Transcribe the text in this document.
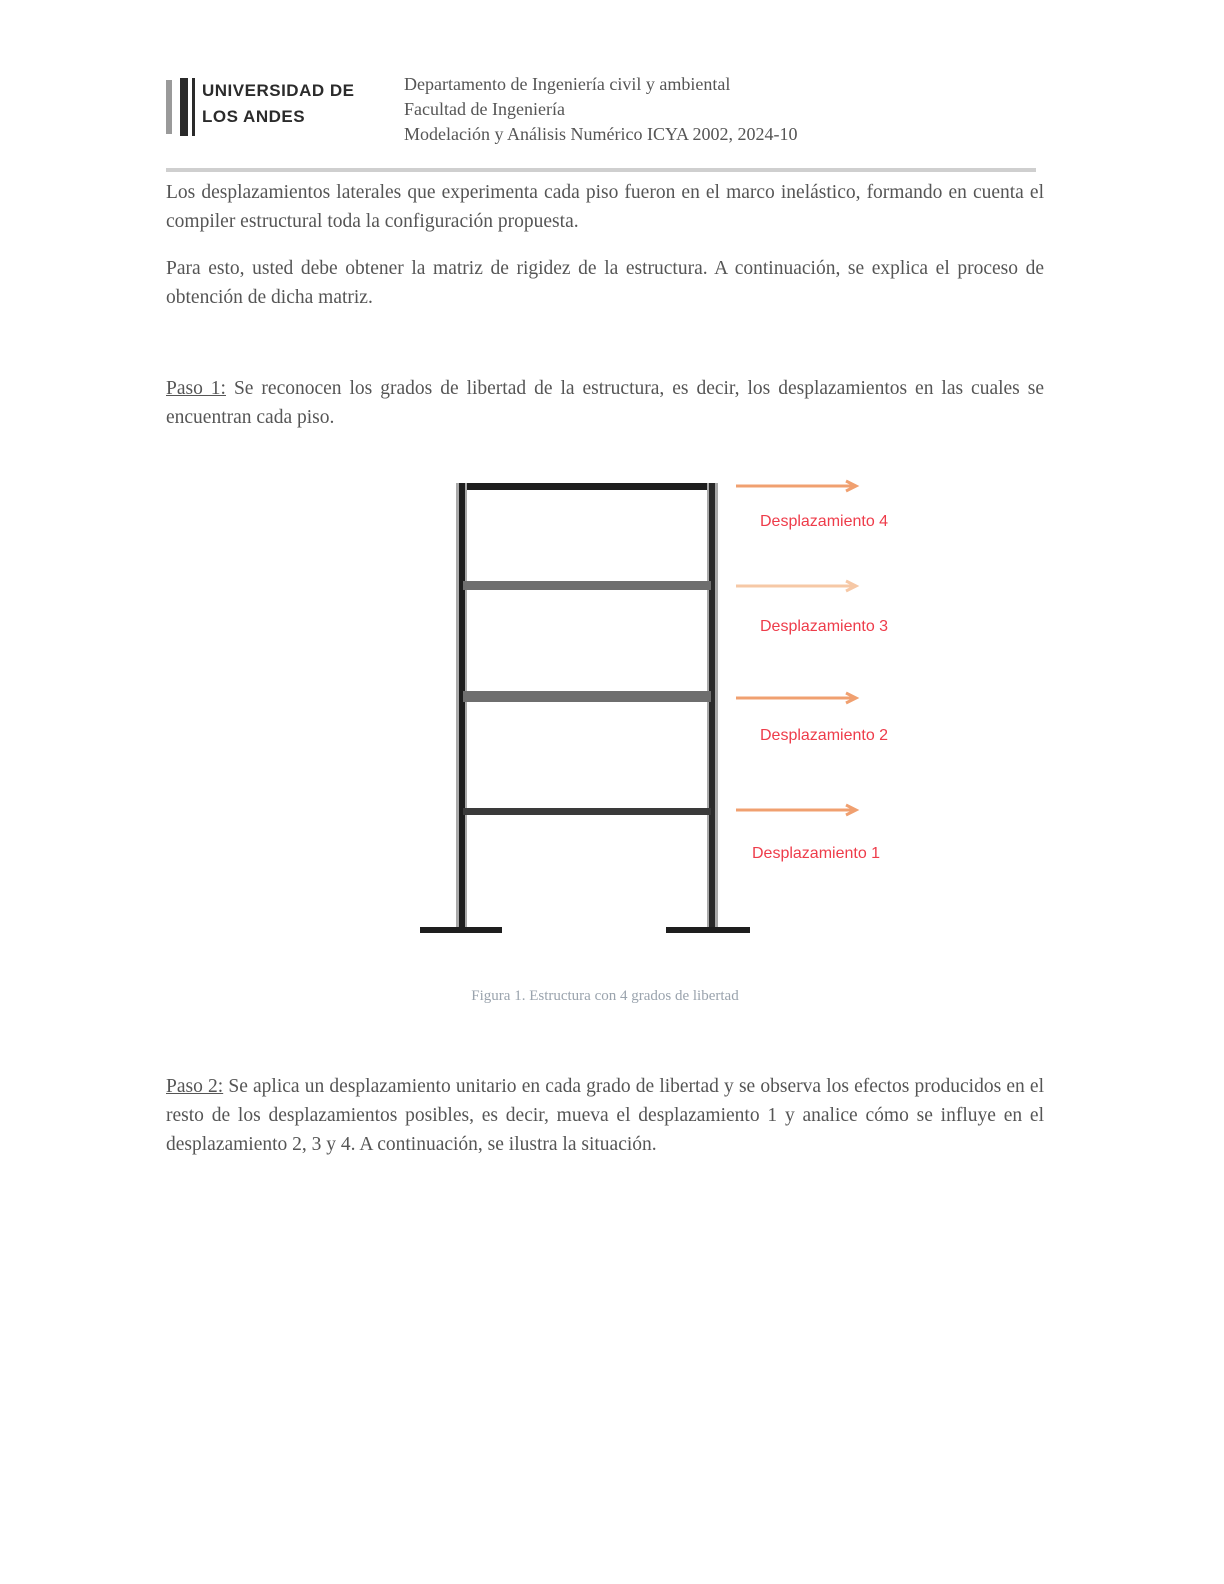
UNIVERSIDAD DE
LOS ANDES
Departamento de Ingeniería civil y ambiental
Facultad de Ingeniería
Modelación y Análisis Numérico ICYA 2002, 2024-10

Los desplazamientos laterales que experimenta cada piso fueron en el marco inelástico, formando en cuenta el compiler estructural toda la configuración propuesta.

Para esto, usted debe obtener la matriz de rigidez de la estructura. A continuación, se explica el proceso de obtención de dicha matriz.

Paso 1: Se reconocen los grados de libertad de la estructura, es decir, los desplazamientos en las cuales se encuentran cada piso.

Desplazamiento 4
Desplazamiento 3
Desplazamiento 2
Desplazamiento 1
Figura 1. Estructura con 4 grados de libertad

Paso 2: Se aplica un desplazamiento unitario en cada grado de libertad y se observa los efectos producidos en el resto de los desplazamientos posibles, es decir, mueva el desplazamiento 1 y analice cómo se influye en el desplazamiento 2, 3 y 4. A continuación, se ilustra la situación.
